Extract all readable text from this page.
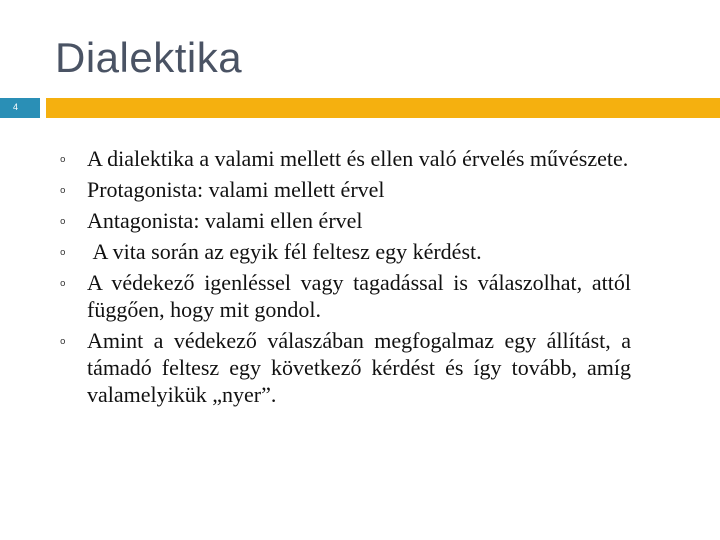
Dialektika
4
o A dialektika a valami mellett és ellen való érvelés művészete.
o Protagonista: valami mellett érvel
o Antagonista: valami ellen érvel
o A vita során az egyik fél feltesz egy kérdést.
o A védekező igenléssel vagy tagadással is válaszolhat, attól függően, hogy mit gondol.
o Amint a védekező válaszában megfogalmaz egy állítást, a támadó feltesz egy következő kérdést és így tovább, amíg valamelyikük „nyer”.
